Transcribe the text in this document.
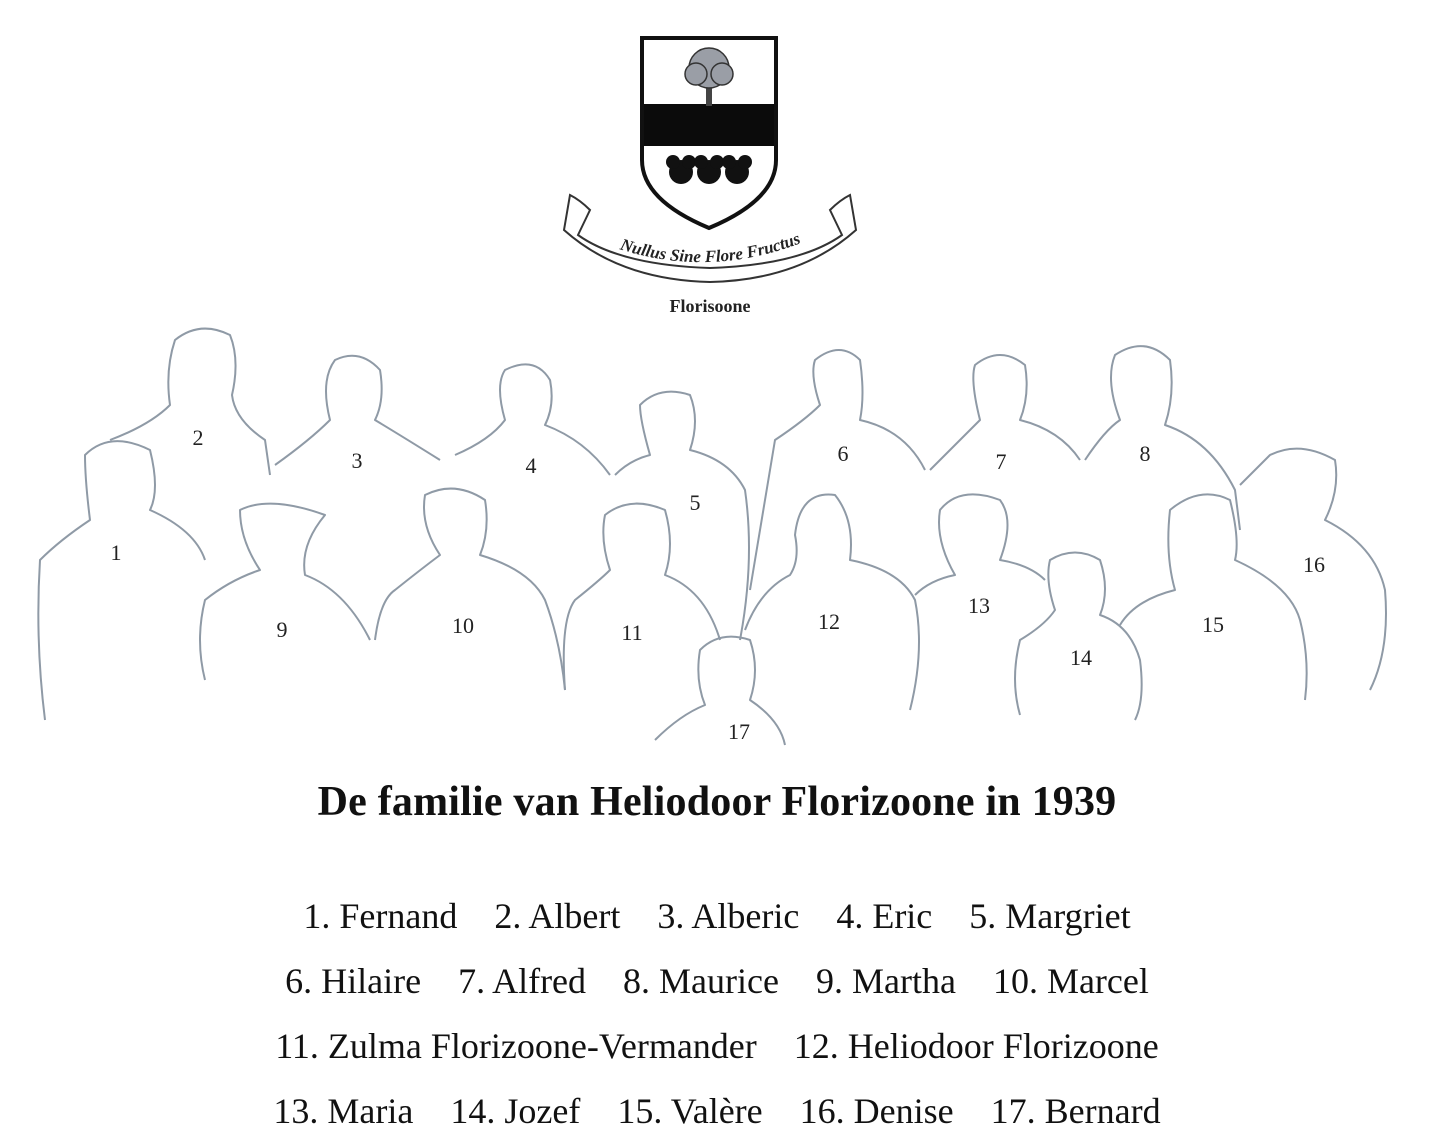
Nullus Sine Flore Fructus
Florisoone
1
2
3	4
5
6	7	8
9	10	11	12
13
14
15
16
17
De familie van Heliodoor Florizoone in 1939
1. Fernand 2. Albert 3. Alberic 4. Eric 5. Margriet
6. Hilaire 7. Alfred 8. Maurice 9. Martha 10. Marcel
11. Zulma Florizoone-Vermander 12. Heliodoor Florizoone
13. Maria 14. Jozef 15. Valère 16. Denise 17. Bernard
